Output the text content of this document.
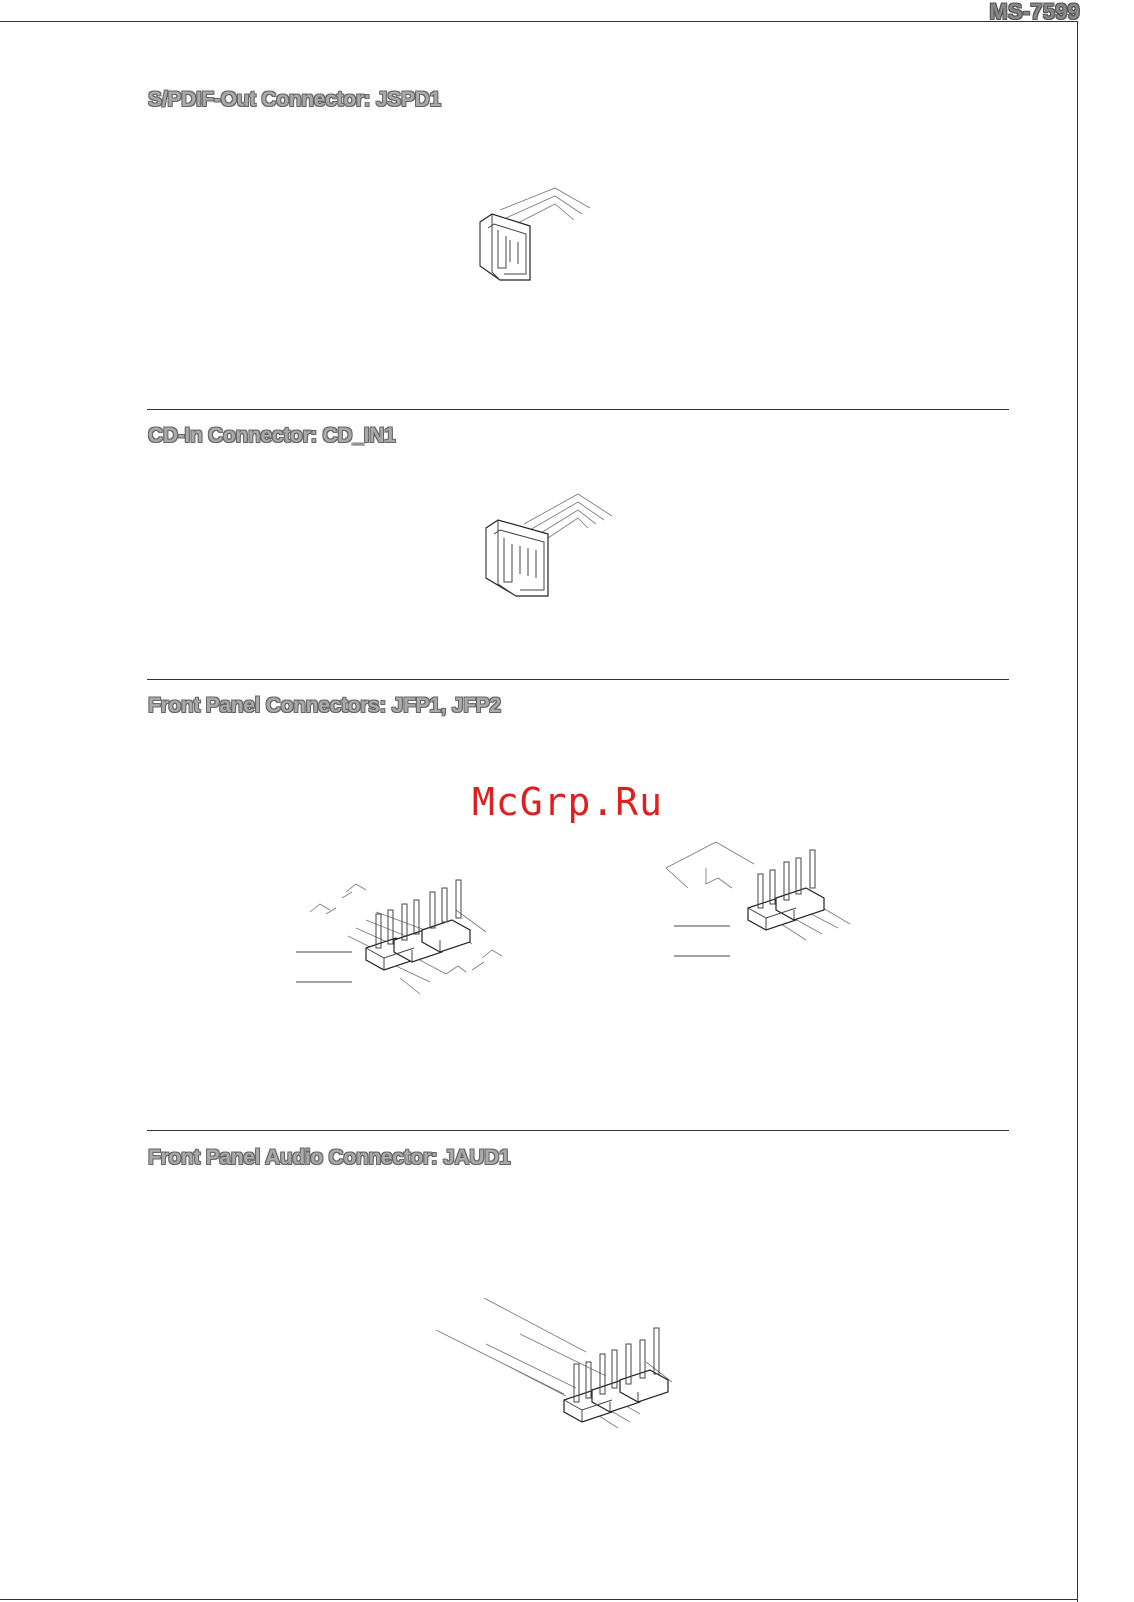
MS-7599
S/PDIF-Out Connector: JSPD1
CD-In Connector: CD_IN1
Front Panel Connectors: JFP1, JFP2
McGrp.Ru
Front Panel Audio Connector: JAUD1
